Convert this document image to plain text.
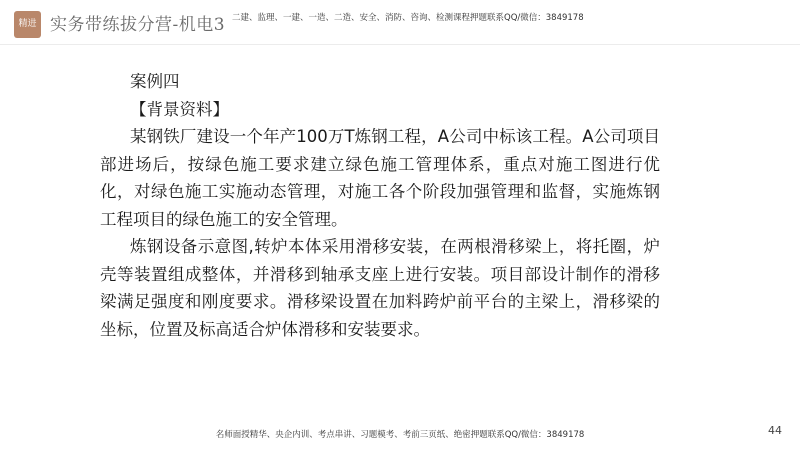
精进 实务带练拔分营-机电3 二建、监理、一建、一造、二造、安全、消防、咨询、检测课程押题联系QQ/微信：3849178
案例四
【背景资料】

某钢铁厂建设一个年产100万T炼钢工程，A公司中标该工程。A公司项目部进场后，按绿色施工要求建立绿色施工管理体系，重点对施工图进行优化，对绿色施工实施动态管理，对施工各个阶段加强管理和监督，实施炼钢工程项目的绿色施工的安全管理。

炼钢设备示意图,转炉本体采用滑移安装，在两根滑移梁上，将托圈，炉壳等装置组成整体，并滑移到轴承支座上进行安装。项目部设计制作的滑移梁满足强度和刚度要求。滑移梁设置在加料跨炉前平台的主梁上，滑移梁的坐标，位置及标高适合炉体滑移和安装要求。

名师面授精华、央企内训、考点串讲、习题模考、考前三页纸、绝密押题联系QQ/微信：3849178	44
